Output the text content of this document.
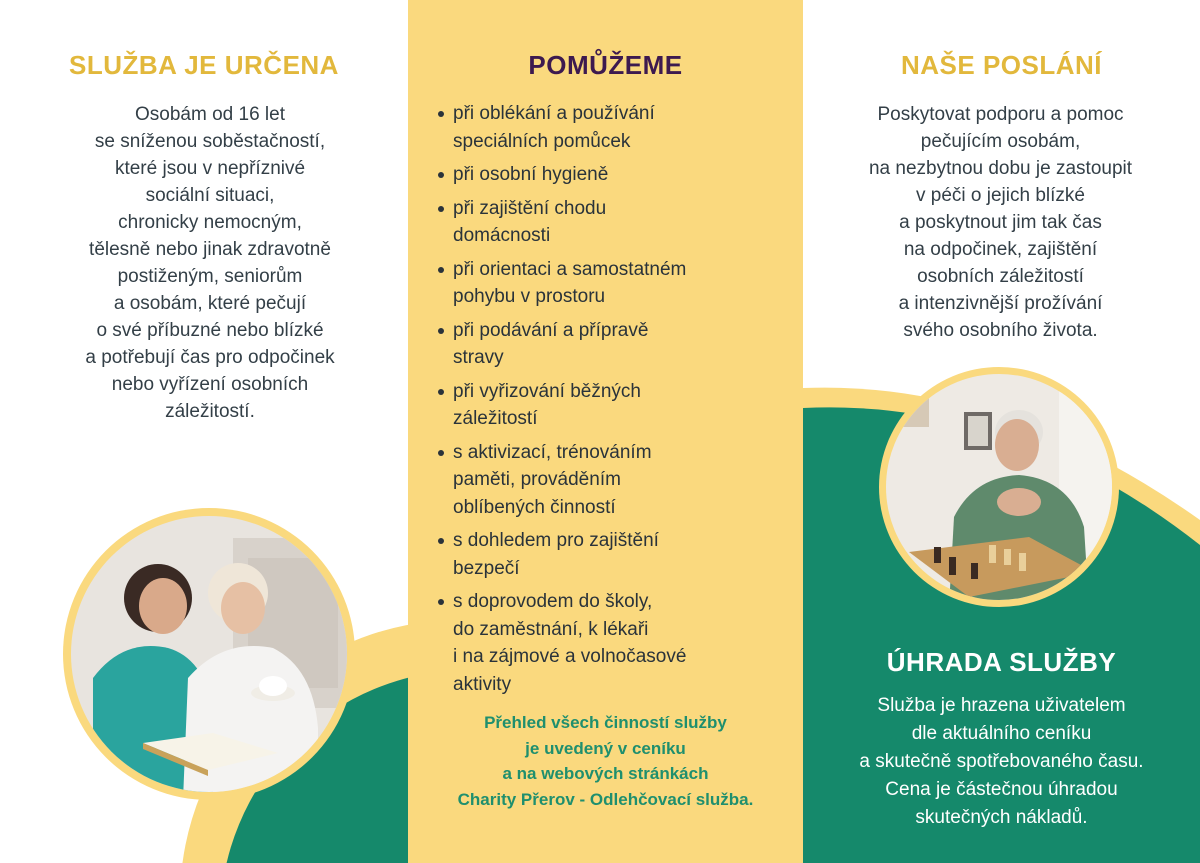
SLUŽBA JE URČENA
Osobám od 16 let
se sníženou soběstačností,
které jsou v nepříznivé
sociální situaci,
chronicky nemocným,
tělesně nebo jinak zdravotně
postiženým, seniorům
a osobám, které pečují
o své příbuzné nebo blízké
a potřebují čas pro odpočinek
nebo vyřízení osobních
záležitostí.
POMŮŽEME
při oblékání a používání
speciálních pomůcek
při osobní hygieně
při zajištění chodu
domácnosti
při orientaci a samostatném
pohybu v prostoru
při podávání a přípravě
stravy
při vyřizování běžných
záležitostí
s aktivizací, trénováním
paměti, prováděním
oblíbených činností
s dohledem pro zajištění
bezpečí
s doprovodem do školy,
do zaměstnání, k lékaři
i na zájmové a volnočasové
aktivity
Přehled všech činností služby
je uvedený v ceníku
a na webových stránkách
Charity Přerov - Odlehčovací služba.
NAŠE POSLÁNÍ
Poskytovat podporu a pomoc
pečujícím osobám,
na nezbytnou dobu je zastoupit
v péči o jejich blízké
a poskytnout jim tak čas
na odpočinek, zajištění
osobních záležitostí
a intenzivnější prožívání
svého osobního života.
ÚHRADA SLUŽBY
Služba je hrazena uživatelem
dle aktuálního ceníku
a skutečně spotřebovaného času.
Cena je částečnou úhradou
skutečných nákladů.
